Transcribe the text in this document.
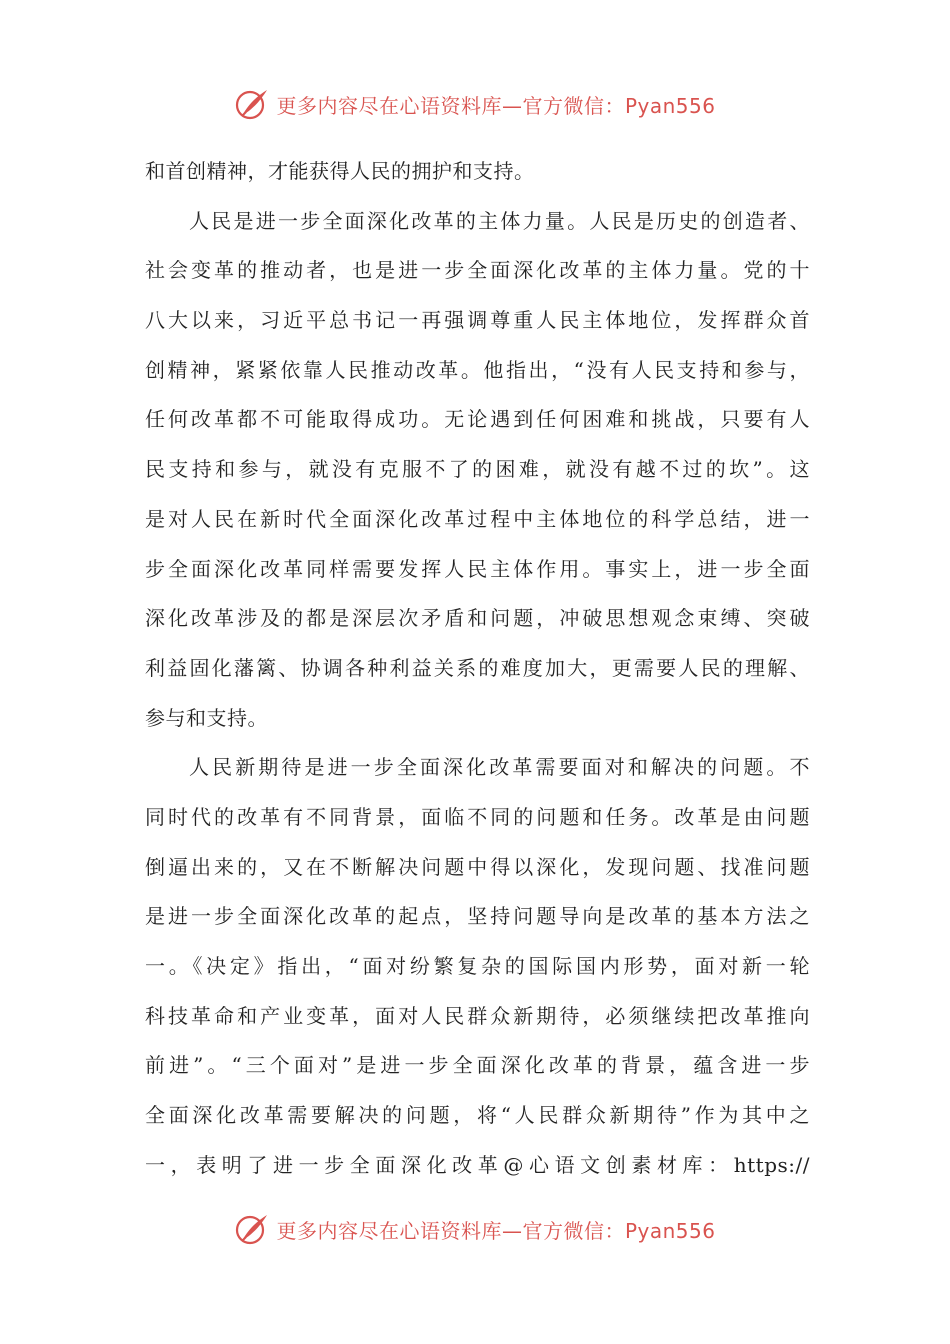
更多内容尽在心语资料库—官方微信：Pyan556
和首创精神，才能获得人民的拥护和支持。
人民是进一步全面深化改革的主体力量。人民是历史的创造者、
社会变革的推动者，也是进一步全面深化改革的主体力量。党的十
八大以来，习近平总书记一再强调尊重人民主体地位，发挥群众首
创精神，紧紧依靠人民推动改革。他指出，“没有人民支持和参与，
任何改革都不可能取得成功。无论遇到任何困难和挑战，只要有人
民支持和参与，就没有克服不了的困难，就没有越不过的坎”。这
是对人民在新时代全面深化改革过程中主体地位的科学总结，进一
步全面深化改革同样需要发挥人民主体作用。事实上，进一步全面
深化改革涉及的都是深层次矛盾和问题，冲破思想观念束缚、突破
利益固化藩篱、协调各种利益关系的难度加大，更需要人民的理解、
参与和支持。
人民新期待是进一步全面深化改革需要面对和解决的问题。不
同时代的改革有不同背景，面临不同的问题和任务。改革是由问题
倒逼出来的，又在不断解决问题中得以深化，发现问题、找准问题
是进一步全面深化改革的起点，坚持问题导向是改革的基本方法之
一。《决定》指出，“面对纷繁复杂的国际国内形势，面对新一轮
科技革命和产业变革，面对人民群众新期待，必须继续把改革推向
前进”。“三个面对”是进一步全面深化改革的背景，蕴含进一步
全面深化改革需要解决的问题，将“人民群众新期待”作为其中之
一，表明了进一步全面深化改革@心语文创素材库：https://
更多内容尽在心语资料库—官方微信：Pyan556
